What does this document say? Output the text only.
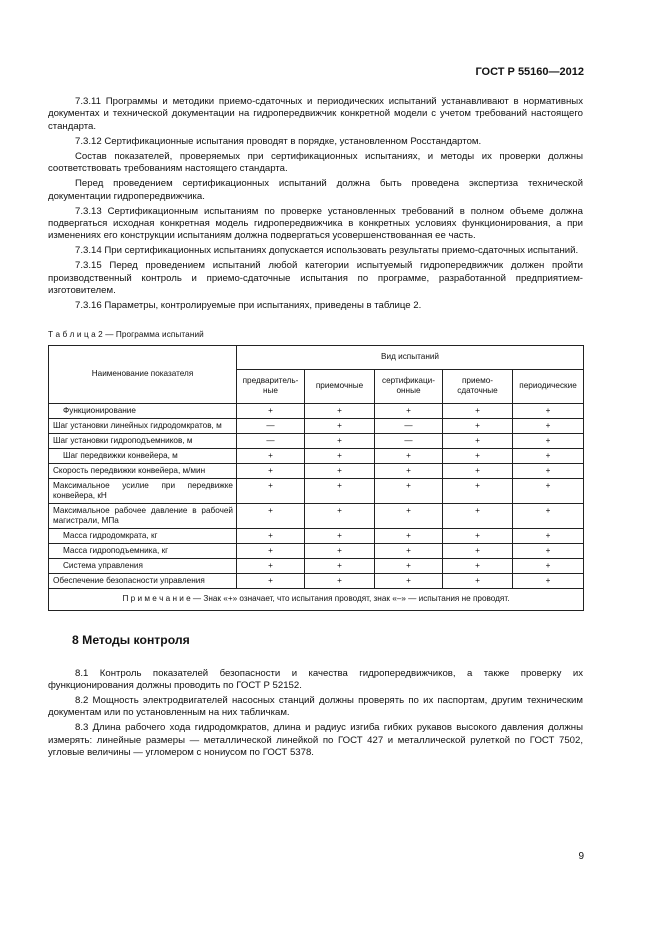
ГОСТ Р 55160—2012

7.3.11 Программы и методики приемо-сдаточных и периодических испытаний устанавливают в нормативных документах и технической документации на гидропередвижчик конкретной модели с учетом требований настоящего стандарта.

7.3.12 Сертификационные испытания проводят в порядке, установленном Росстандартом.

Состав показателей, проверяемых при сертификационных испытаниях, и методы их проверки должны соответствовать требованиям настоящего стандарта.

Перед проведением сертификационных испытаний должна быть проведена экспертиза технической документации гидропередвижчика.

7.3.13 Сертификационным испытаниям по проверке установленных требований в полном объеме должна подвергаться исходная конкретная модель гидропередвижчика в конкретных условиях функционирования, а при изменениях его конструкции испытаниям должна подвергаться усовершенствованная ее часть.

7.3.14 При сертификационных испытаниях допускается использовать результаты приемо-сдаточных испытаний.

7.3.15 Перед проведением испытаний любой категории испытуемый гидропередвижчик должен пройти производственный контроль и приемо-сдаточные испытания по программе, разработанной предприятием-изготовителем.

7.3.16 Параметры, контролируемые при испытаниях, приведены в таблице 2.

Т а б л и ц а 2 — Программа испытаний
Наименование показателя	Вид испытаний				
	предваритель-ные	приемочные	сертификаци-онные	приемо-сдаточные	периодические
Функционирование	+	+	+	+	+
Шаг установки линейных гидродомкратов, м	—	+	—	+	+
Шаг установки гидроподъемников, м	—	+	—	+	+
Шаг передвижки конвейера, м	+	+	+	+	+
Скорость передвижки конвейера, м/мин	+	+	+	+	+
Максимальное усилие при передвижке конвейера, кН	+	+	+	+	+
Максимальное рабочее давление в рабочей магистрали, МПа	+	+	+	+	+
Масса гидродомкрата, кг	+	+	+	+	+
Масса гидроподъемника, кг	+	+	+	+	+
Система управления	+	+	+	+	+
Обеспечение безопасности управления	+	+	+	+	+
П р и м е ч а н и е — Знак «+» означает, что испытания проводят, знак «–» — испытания не проводят.					
8 Методы контроля

8.1 Контроль показателей безопасности и качества гидропередвижчиков, а также проверку их функционирования должны проводить по ГОСТ Р 52152.

8.2 Мощность электродвигателей насосных станций должны проверять по их паспортам, другим техническим документам или по установленным на них табличкам.

8.3 Длина рабочего хода гидродомкратов, длина и радиус изгиба гибких рукавов высокого давления должны измерять: линейные размеры — металлической линейкой по ГОСТ 427 и металлической рулеткой по ГОСТ 7502, угловые величины — угломером с нониусом по ГОСТ 5378.

9
